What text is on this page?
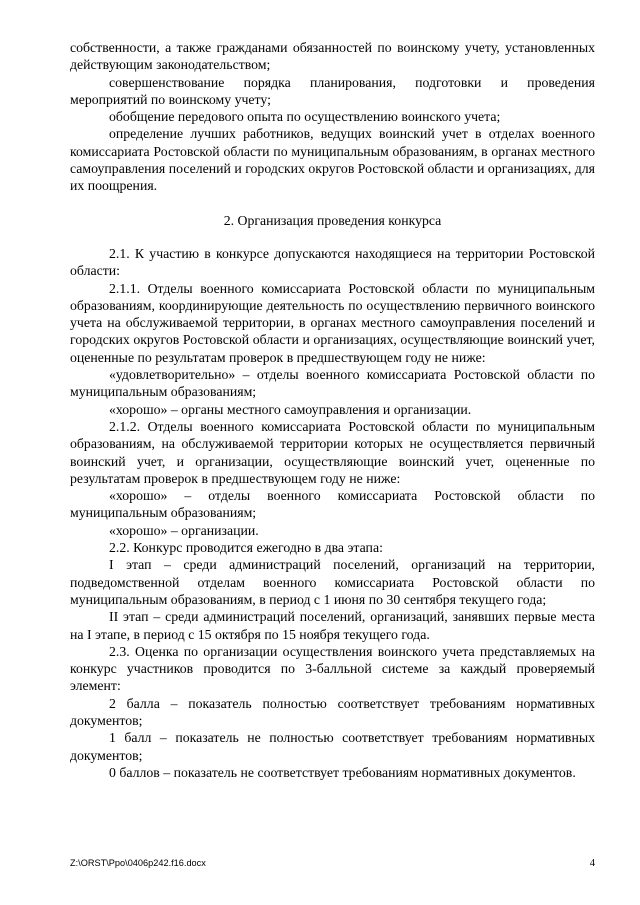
собственности, а также гражданами обязанностей по воинскому учету, установленных действующим законодательством;

совершенствование порядка планирования, подготовки и проведения мероприятий по воинскому учету;

обобщение передового опыта по осуществлению воинского учета;

определение лучших работников, ведущих воинский учет в отделах военного комиссариата Ростовской области по муниципальным образованиям, в органах местного самоуправления поселений и городских округов Ростовской области и организациях, для их поощрения.

2. Организация проведения конкурса

2.1. К участию в конкурсе допускаются находящиеся на территории Ростовской области:

2.1.1. Отделы военного комиссариата Ростовской области по муниципальным образованиям, координирующие деятельность по осуществлению первичного воинского учета на обслуживаемой территории, в органах местного самоуправления поселений и городских округов Ростовской области и организациях, осуществляющие воинский учет, оцененные по результатам проверок в предшествующем году не ниже:

«удовлетворительно» – отделы военного комиссариата Ростовской области по муниципальным образованиям;

«хорошо» – органы местного самоуправления и организации.

2.1.2. Отделы военного комиссариата Ростовской области по муниципальным образованиям, на обслуживаемой территории которых не осуществляется первичный воинский учет, и организации, осуществляющие воинский учет, оцененные по результатам проверок в предшествующем году не ниже:

«хорошо» – отделы военного комиссариата Ростовской области по муниципальным образованиям;

«хорошо» – организации.

2.2. Конкурс проводится ежегодно в два этапа:

I этап – среди администраций поселений, организаций на территории, подведомственной отделам военного комиссариата Ростовской области по муниципальным образованиям, в период с 1 июня по 30 сентября текущего года;

II этап – среди администраций поселений, организаций, занявших первые места на I этапе, в период с 15 октября по 15 ноября текущего года.

2.3. Оценка по организации осуществления воинского учета представляемых на конкурс участников проводится по 3-балльной системе за каждый проверяемый элемент:

2 балла – показатель полностью соответствует требованиям нормативных документов;

1 балл – показатель не полностью соответствует требованиям нормативных документов;

0 баллов – показатель не соответствует требованиям нормативных документов.

Z:\ORST\Ppo\0406p242.f16.docx	4
